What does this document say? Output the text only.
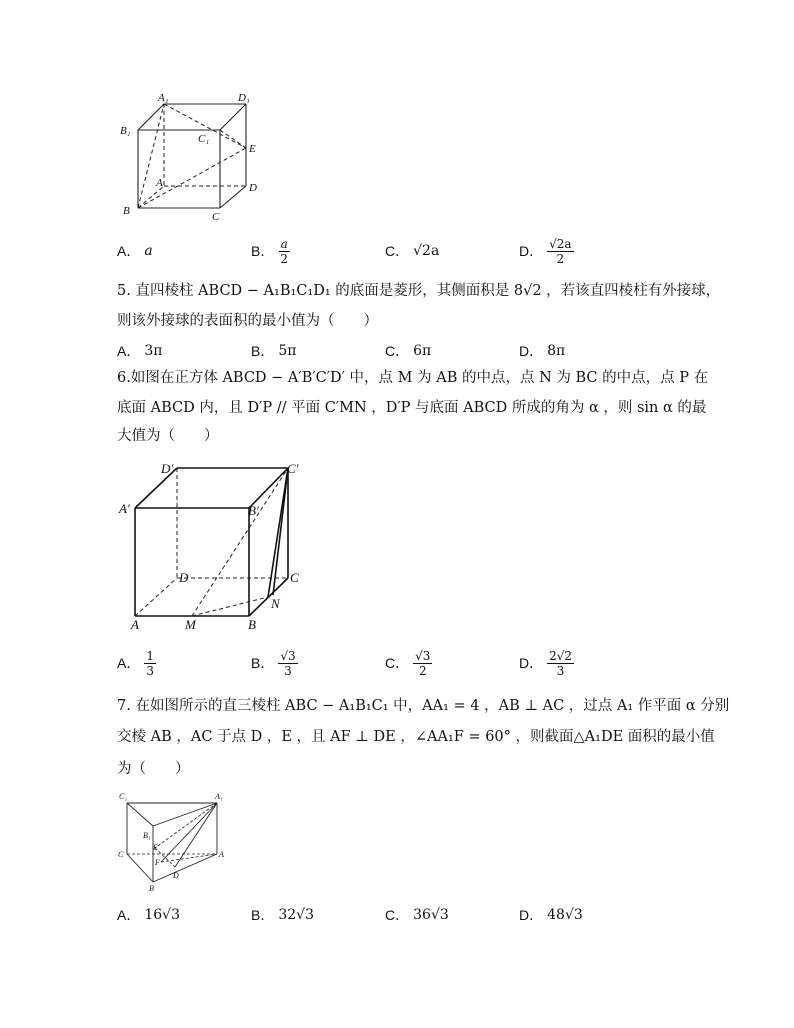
A₁	D₁
B₁
C₁
E
A	D
B	C
A． a	B． $\frac{a}{2}$	C． √2a	D． $\frac{√2a}{2}$
5. 直四棱柱 ABCD − A₁B₁C₁D₁ 的底面是菱形，其侧面积是 8√2 ，若该直四棱柱有外接球，
则该外接球的表面积的最小值为（　　）
A． 3π	B． 5π	C． 6π	D． 8π
6.如图在正方体 ABCD − A′B′C′D′ 中，点 M 为 AB 的中点，点 N 为 BC 的中点，点 P 在
底面 ABCD 内，且 D′P // 平面 C′MN ，D′P 与底面 ABCD 所成的角为 α ，则 sin α 的最
大值为（　　）
D′	C′
A′	B′
D	C
N
A	M	B
A． $\frac{1}{3}$	B． $\frac{√3}{3}$	C． $\frac{√3}{2}$	D． $\frac{2√2}{3}$
7. 在如图所示的直三棱柱 ABC − A₁B₁C₁ 中，AA₁ = 4 ，AB ⊥ AC ，过点 A₁ 作平面 α 分别
交棱 AB ，AC 于点 D ，E ，且 AF ⊥ DE ，∠AA₁F = 60° ，则截面△A₁DE 面积的最小值
为（　　）
C₁	A₁
B₁
E
F
C	A
D
B
A． 16√3	B． 32√3	C． 36√3	D． 48√3
